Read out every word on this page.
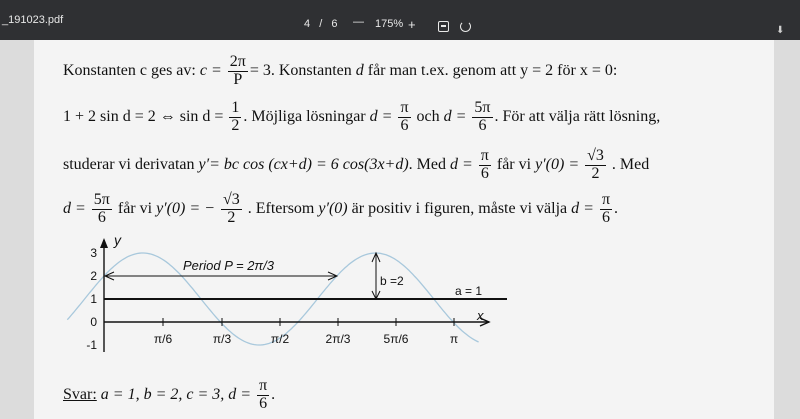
_191023.pdf	4 / 6 — 175% +	⬇
Konstanten c ges av: $c = \frac{2\pi}{P} = 3$. Konstanten d får man t.ex. genom att y = 2 för x = 0:
1 + 2 sin d = 2 ⇔ $\sin d = \frac{1}{2}$ . Möjliga lösningar $d = \frac{\pi}{6}$ och $d = \frac{5\pi}{6}$ . För att välja rätt lösning,
studerar vi derivatan y′= bc cos (cx+d) = 6 cos(3x+d). Med $d = \frac{\pi}{6}$ får vi $y'(0) = \frac{√3}{2}$ . Med
$d = \frac{5\pi}{6}$ får vi y′(0) = − $\frac{√3}{2}$ . Eftersom y′(0) är positiv i figuren, måste vi välja $d = \frac{\pi}{6}$ .
y
x
3
2
1
0
-1	π/6	π/3	π/2	2π/3	5π/6	π
Period P = 2π/3
b =2
a = 1
Svar: a = 1, b = 2, c = 3, $d = \frac{\pi}{6}$ .
